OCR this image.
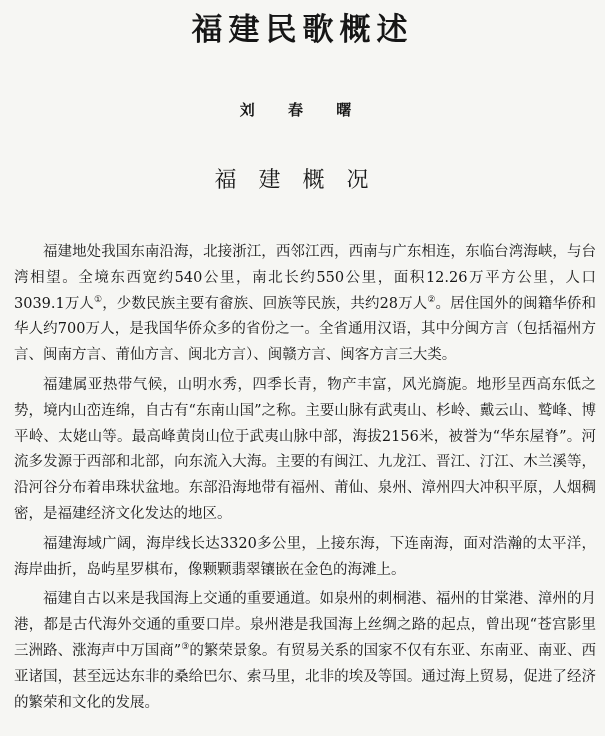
福建民歌概述
刘 春 曙
福建概况

福建地处我国东南沿海，北接浙江，西邻江西，西南与广东相连，东临台湾海峡，与台湾相望。全境东西宽约540公里，南北长约550公里，面积12.26万平方公里，人口3039.1万人①，少数民族主要有畲族、回族等民族，共约28万人②。居住国外的闽籍华侨和华人约700万人，是我国华侨众多的省份之一。全省通用汉语，其中分闽方言（包括福州方言、闽南方言、莆仙方言、闽北方言）、闽赣方言、闽客方言三大类。

福建属亚热带气候，山明水秀，四季长青，物产丰富，风光旖旎。地形呈西高东低之势，境内山峦连绵，自古有“东南山国”之称。主要山脉有武夷山、杉岭、戴云山、鹫峰、博平岭、太姥山等。最高峰黄岗山位于武夷山脉中部，海拔2156米，被誉为“华东屋脊”。河流多发源于西部和北部，向东流入大海。主要的有闽江、九龙江、晋江、汀江、木兰溪等，沿河谷分布着串珠状盆地。东部沿海地带有福州、莆仙、泉州、漳州四大冲积平原，人烟稠密，是福建经济文化发达的地区。

福建海域广阔，海岸线长达3320多公里，上接东海，下连南海，面对浩瀚的太平洋，海岸曲折，岛屿星罗棋布，像颗颗翡翠镶嵌在金色的海滩上。

福建自古以来是我国海上交通的重要通道。如泉州的刺桐港、福州的甘棠港、漳州的月港，都是古代海外交通的重要口岸。泉州港是我国海上丝绸之路的起点，曾出现“苍宫影里三洲路、涨海声中万国商”③的繁荣景象。有贸易关系的国家不仅有东亚、东南亚、南亚、西亚诸国，甚至远达东非的桑给巴尔、索马里，北非的埃及等国。通过海上贸易，促进了经济的繁荣和文化的发展。
